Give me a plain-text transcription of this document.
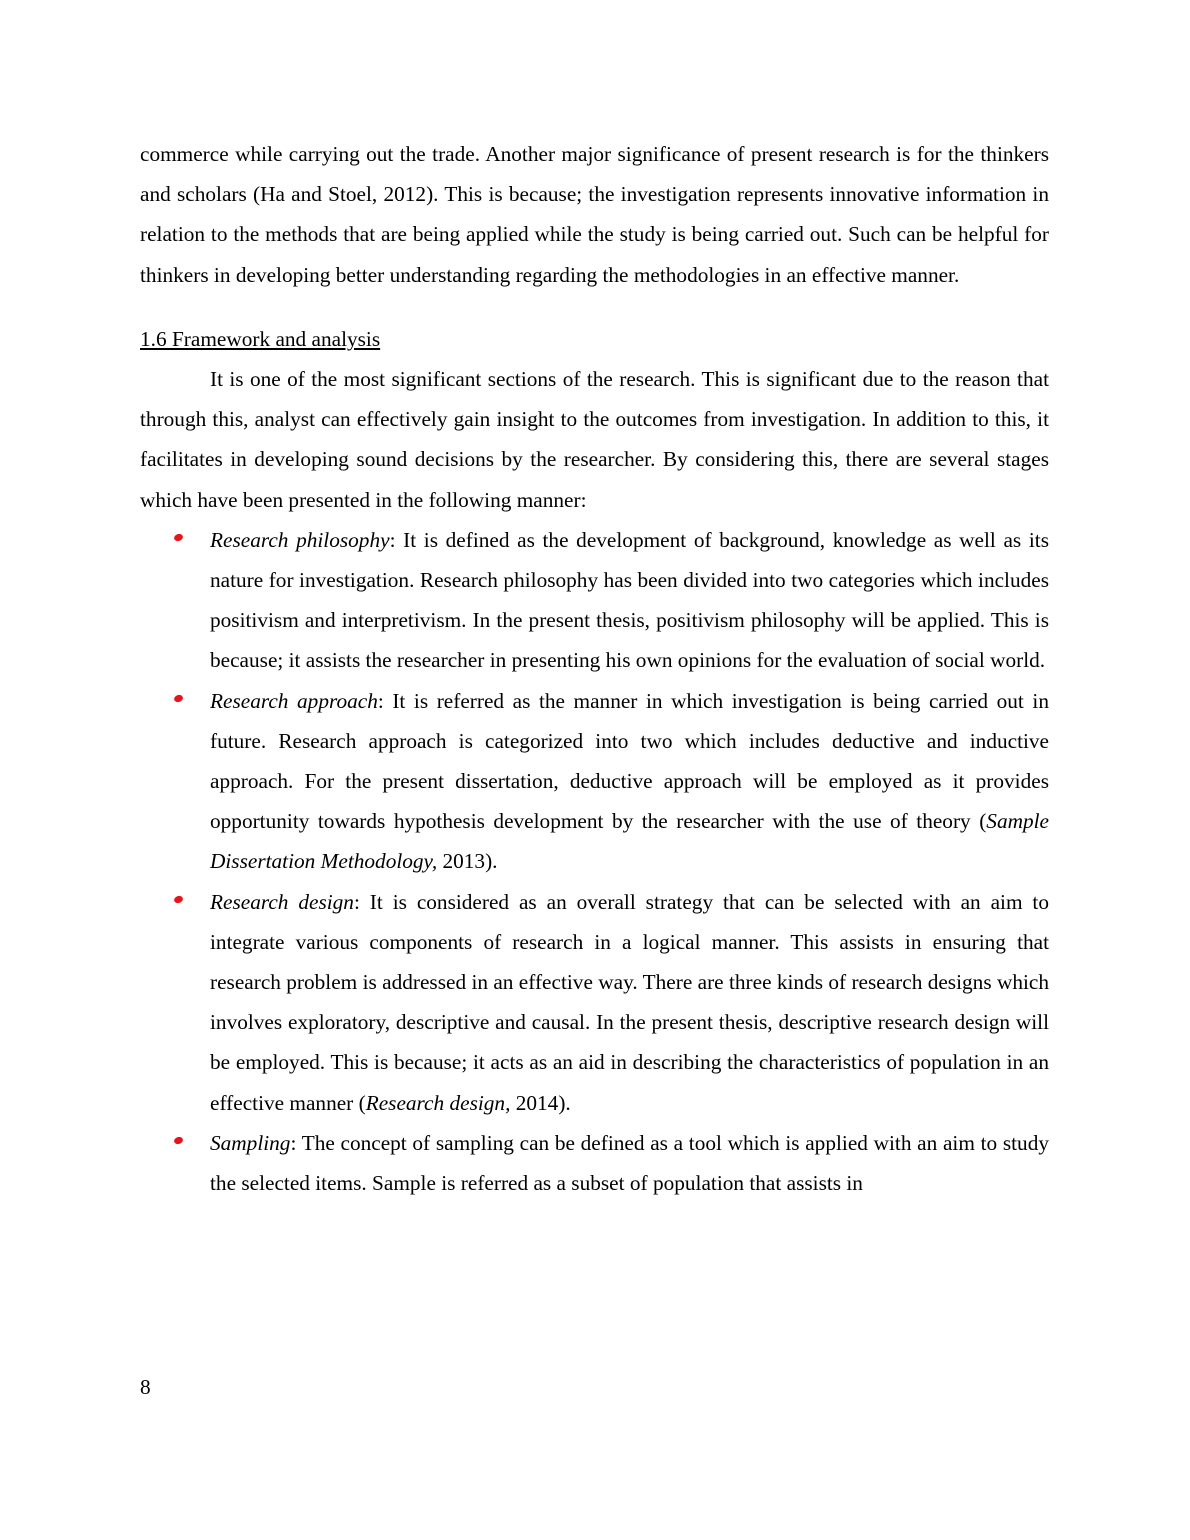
commerce while carrying out the trade. Another major significance of present research is for the thinkers and scholars (Ha and Stoel, 2012). This is because; the investigation represents innovative information in relation to the methods that are being applied while the study is being carried out. Such can be helpful for thinkers in developing better understanding regarding the methodologies in an effective manner.

1.6 Framework and analysis

It is one of the most significant sections of the research. This is significant due to the reason that through this, analyst can effectively gain insight to the outcomes from investigation. In addition to this, it facilitates in developing sound decisions by the researcher. By considering this, there are several stages which have been presented in the following manner:

Research philosophy: It is defined as the development of background, knowledge as well as its nature for investigation. Research philosophy has been divided into two categories which includes positivism and interpretivism. In the present thesis, positivism philosophy will be applied. This is because; it assists the researcher in presenting his own opinions for the evaluation of social world.
Research approach: It is referred as the manner in which investigation is being carried out in future. Research approach is categorized into two which includes deductive and inductive approach. For the present dissertation, deductive approach will be employed as it provides opportunity towards hypothesis development by the researcher with the use of theory (Sample Dissertation Methodology, 2013).
Research design: It is considered as an overall strategy that can be selected with an aim to integrate various components of research in a logical manner. This assists in ensuring that research problem is addressed in an effective way. There are three kinds of research designs which involves exploratory, descriptive and causal. In the present thesis, descriptive research design will be employed. This is because; it acts as an aid in describing the characteristics of population in an effective manner (Research design, 2014).
Sampling: The concept of sampling can be defined as a tool which is applied with an aim to study the selected items. Sample is referred as a subset of population that assists in
8
